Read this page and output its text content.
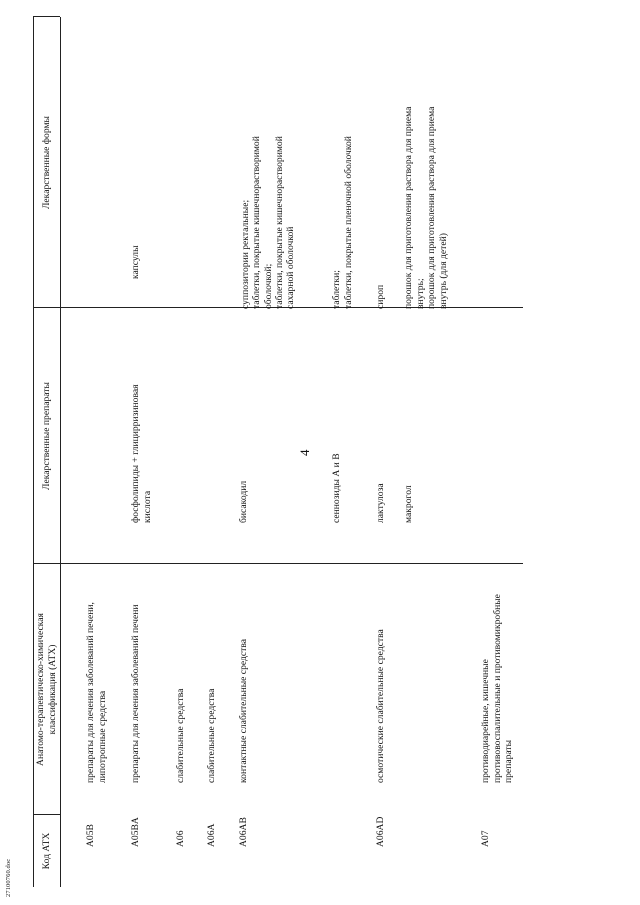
27100760.doc
4
Код АТХ
Анатомо-терапевтическо-химическая классификация (АТХ)
Лекарственные препараты
Лекарственные формы
A05B
препараты для лечения заболеваний печени, липотропные средства
A05BA
препараты для лечения заболеваний печени
фосфолипиды + глицирризиновая кислота
капсулы
A06
слабительные средства
A06A
слабительные средства
A06AB
контактные слабительные средства
бисакодил
суппозитории ректальные; таблетки, покрытые кишечнорастворимой оболочкой; таблетки, покрытые кишечнорастворимой сахарной оболочкой
сеннозиды А и В
таблетки; таблетки, покрытые пленочной оболочкой
A06AD
осмотические слабительные средства
лактулоза
сироп
макрогол
порошок для приготовления раствора для приема внутрь; порошок для приготовления раствора для приема внутрь (для детей)
A07
противодиарейные, кишечные противовоспалительные и противомикробные препараты
